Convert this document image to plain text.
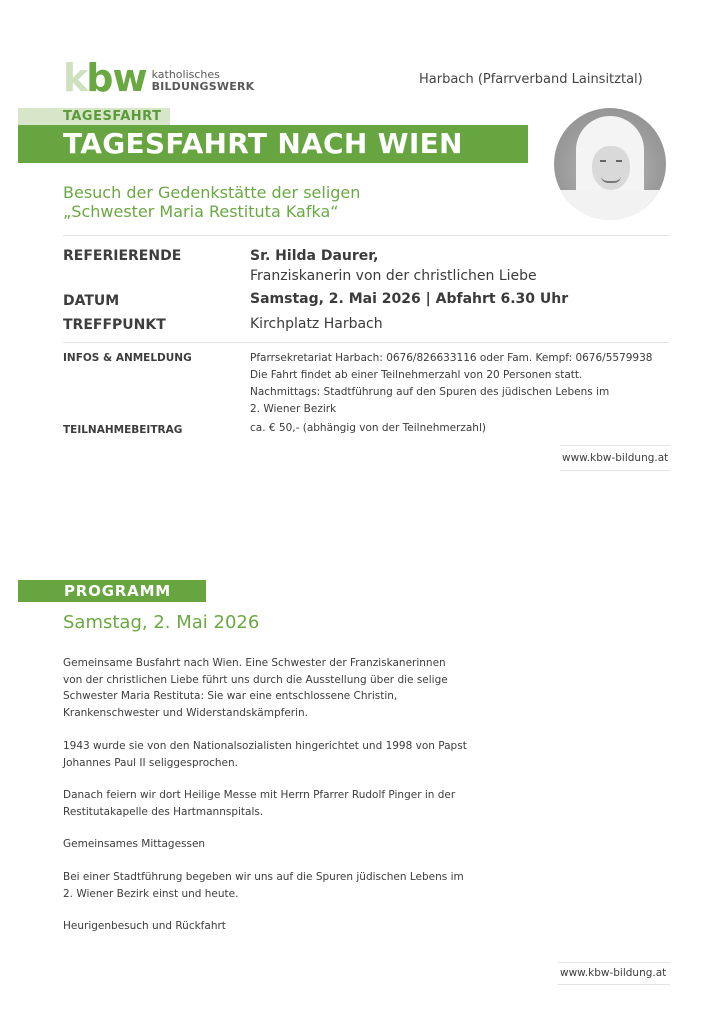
k bw katholisches
BILDUNGSWERK	Harbach (Pfarrverband Lainsitztal)
TAGESFAHRT
TAGESFAHRT NACH WIEN
Besuch der Gedenkstätte der seligen
„Schwester Maria Restituta Kafka“
REFERIERENDE	Sr. Hilda Daurer,
Franziskanerin von der christlichen Liebe
DATUM	Samstag, 2. Mai 2026 | Abfahrt 6.30 Uhr
TREFFPUNKT	Kirchplatz Harbach
INFOS & ANMELDUNG	Pfarrsekretariat Harbach: 0676/826633116 oder Fam. Kempf: 0676/5579938
Die Fahrt findet ab einer Teilnehmerzahl von 20 Personen statt.
Nachmittags: Stadtführung auf den Spuren des jüdischen Lebens im
2. Wiener Bezirk
TEILNAHMEBEITRAG	ca. € 50,- (abhängig von der Teilnehmerzahl)
www.kbw-bildung.at
PROGRAMM
Samstag, 2. Mai 2026
Gemeinsame Busfahrt nach Wien. Eine Schwester der Franziskanerinnen
von der christlichen Liebe führt uns durch die Ausstellung über die selige
Schwester Maria Restituta: Sie war eine entschlossene Christin,
Krankenschwester und Widerstandskämpferin.
1943 wurde sie von den Nationalsozialisten hingerichtet und 1998 von Papst
Johannes Paul II seliggesprochen.
Danach feiern wir dort Heilige Messe mit Herrn Pfarrer Rudolf Pinger in der
Restitutakapelle des Hartmannspitals.
Gemeinsames Mittagessen
Bei einer Stadtführung begeben wir uns auf die Spuren jüdischen Lebens im
2. Wiener Bezirk einst und heute.
Heurigenbesuch und Rückfahrt
www.kbw-bildung.at
